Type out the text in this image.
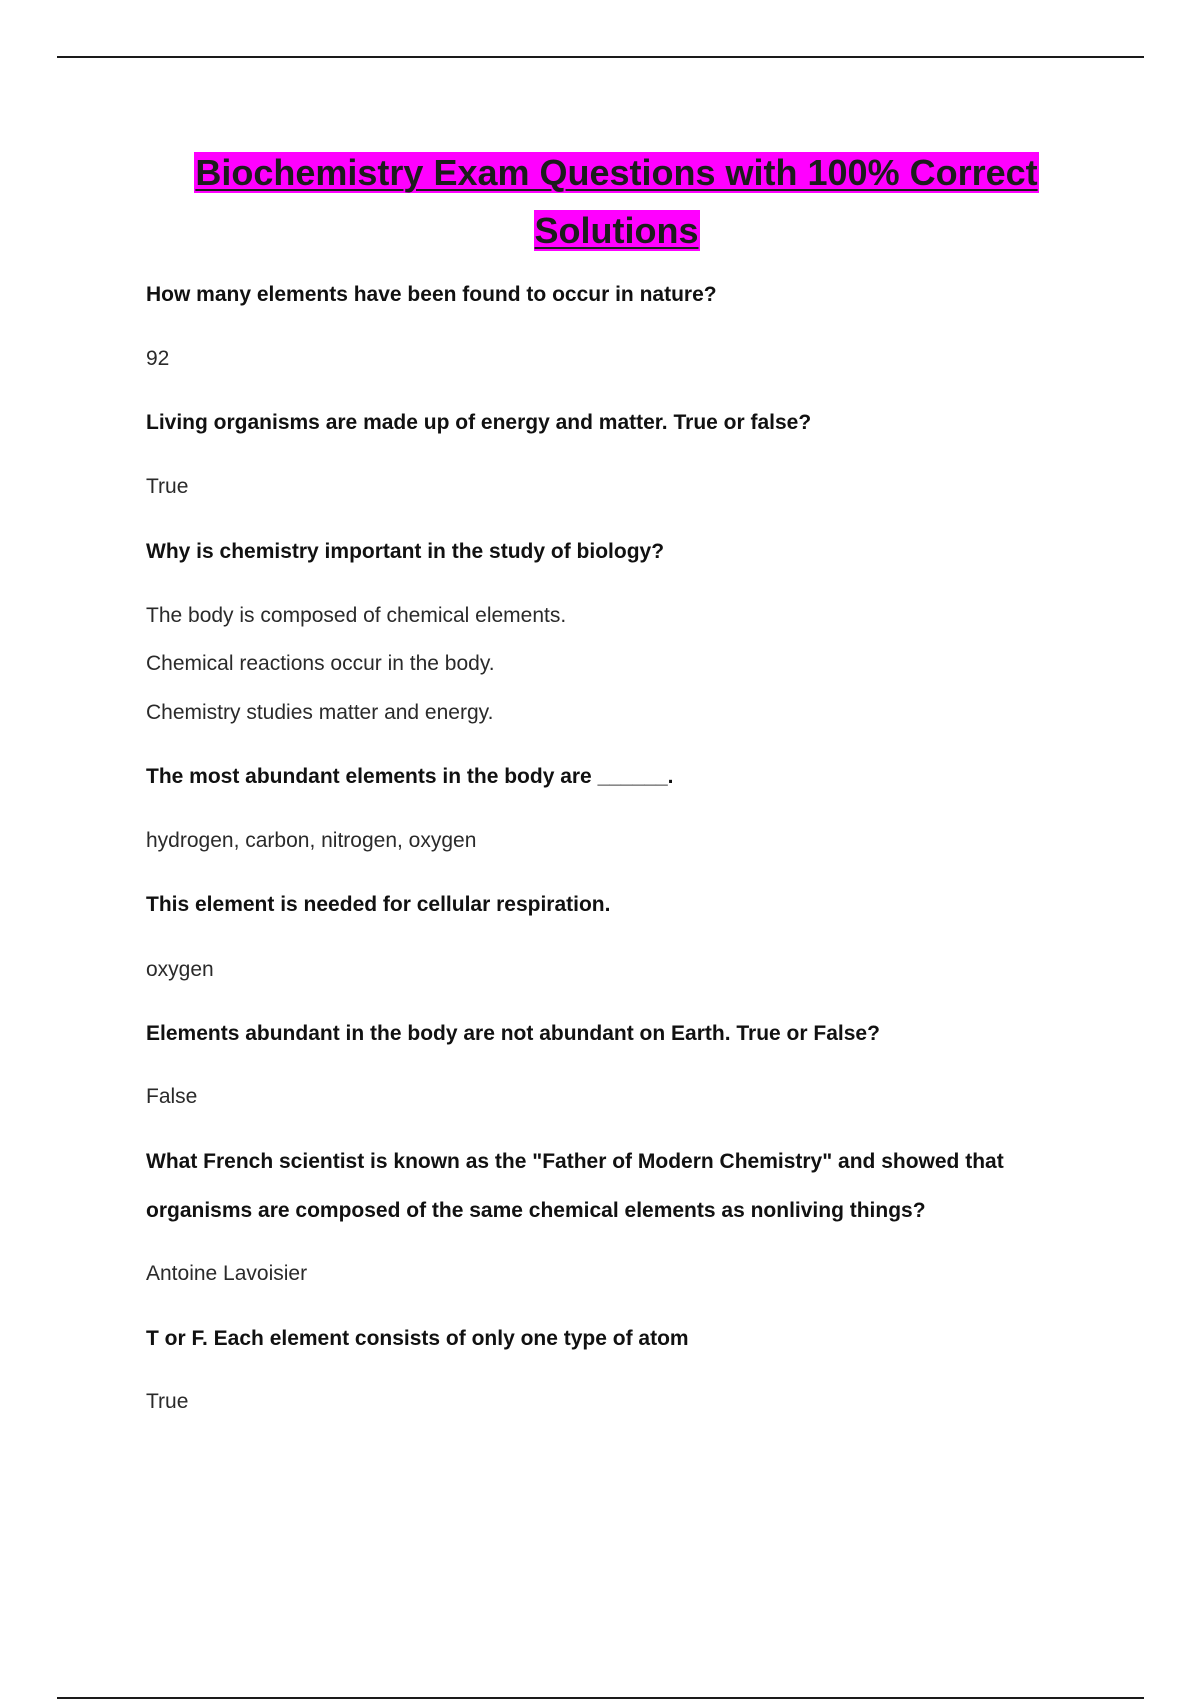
Biochemistry Exam Questions with 100% Correct Solutions

How many elements have been found to occur in nature?

92

Living organisms are made up of energy and matter. True or false?

True

Why is chemistry important in the study of biology?

The body is composed of chemical elements.

Chemical reactions occur in the body.

Chemistry studies matter and energy.

The most abundant elements in the body are ______.

hydrogen, carbon, nitrogen, oxygen

This element is needed for cellular respiration.

oxygen

Elements abundant in the body are not abundant on Earth. True or False?

False

What French scientist is known as the "Father of Modern Chemistry" and showed that organisms are composed of the same chemical elements as nonliving things?

Antoine Lavoisier

T or F. Each element consists of only one type of atom

True
